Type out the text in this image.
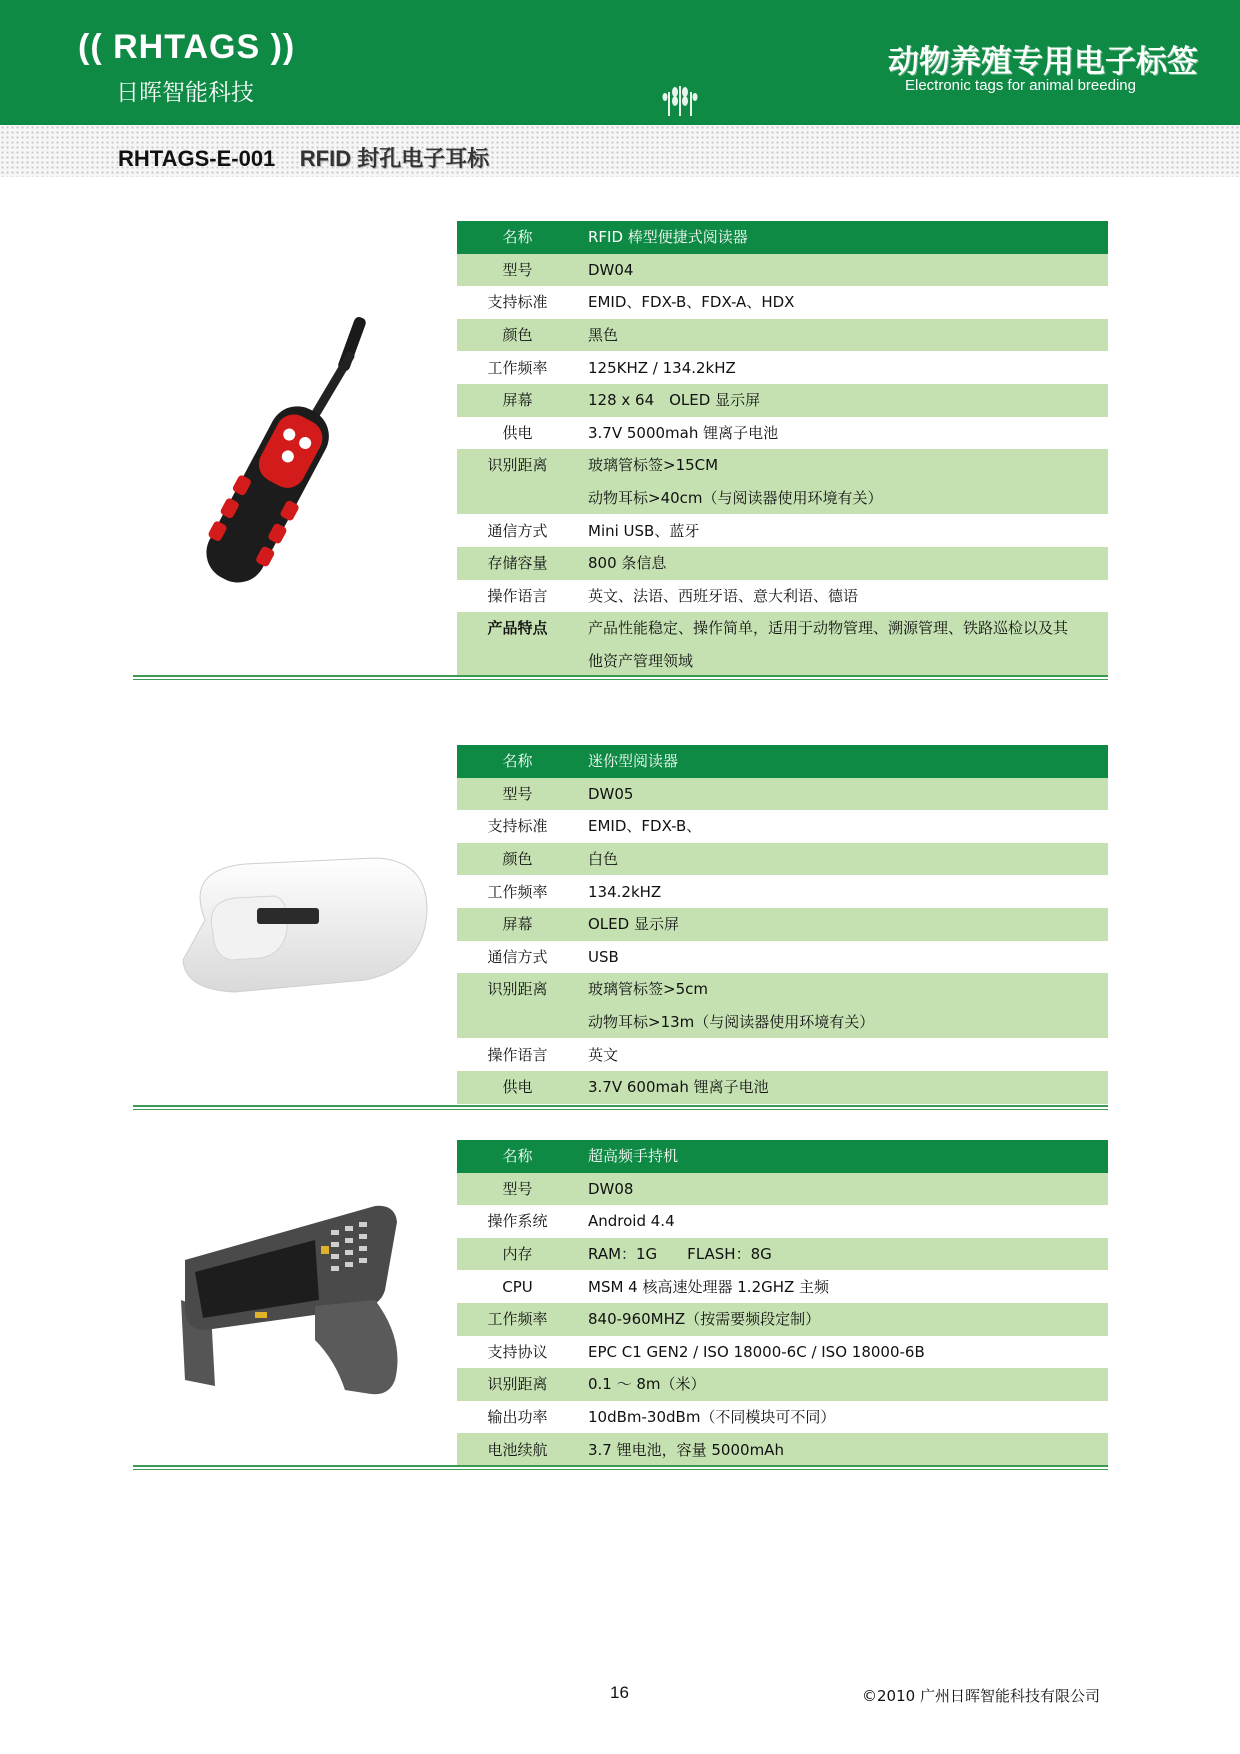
(( RHTAGS ))
日晖智能科技
动物养殖专用电子标签
Electronic tags for animal breeding
RHTAGS-E-001 RFID 封孔电子耳标
名称	RFID 棒型便捷式阅读器
型号	DW04
支持标准	EMID、FDX-B、FDX-A、HDX
颜色	黑色
工作频率	125KHZ / 134.2kHZ
屏幕	128 x 64　OLED 显示屏
供电	3.7V 5000mah 锂离子电池
识别距离	玻璃管标签>15CM
	动物耳标>40cm（与阅读器使用环境有关）
通信方式	Mini USB、蓝牙
存储容量	800 条信息
操作语言	英文、法语、西班牙语、意大利语、德语
产品特点	产品性能稳定、操作简单，适用于动物管理、溯源管理、铁路巡检以及其
	他资产管理领域
名称	迷你型阅读器
型号	DW05
支持标准	EMID、FDX-B、
颜色	白色
工作频率	134.2kHZ
屏幕	OLED 显示屏
通信方式	USB
识别距离	玻璃管标签>5cm
	动物耳标>13m（与阅读器使用环境有关）
操作语言	英文
供电	3.7V 600mah 锂离子电池
名称	超高频手持机
型号	DW08
操作系统	Android 4.4
内存	RAM：1G　　FLASH：8G
CPU	MSM 4 核高速处理器 1.2GHZ 主频
工作频率	840-960MHZ（按需要频段定制）
支持协议	EPC C1 GEN2 / ISO 18000-6C / ISO 18000-6B
识别距离	0.1 ～ 8m（米）
输出功率	10dBm-30dBm（不同模块可不同）
电池续航	3.7 锂电池，容量 5000mAh
16	©2010 广州日晖智能科技有限公司
